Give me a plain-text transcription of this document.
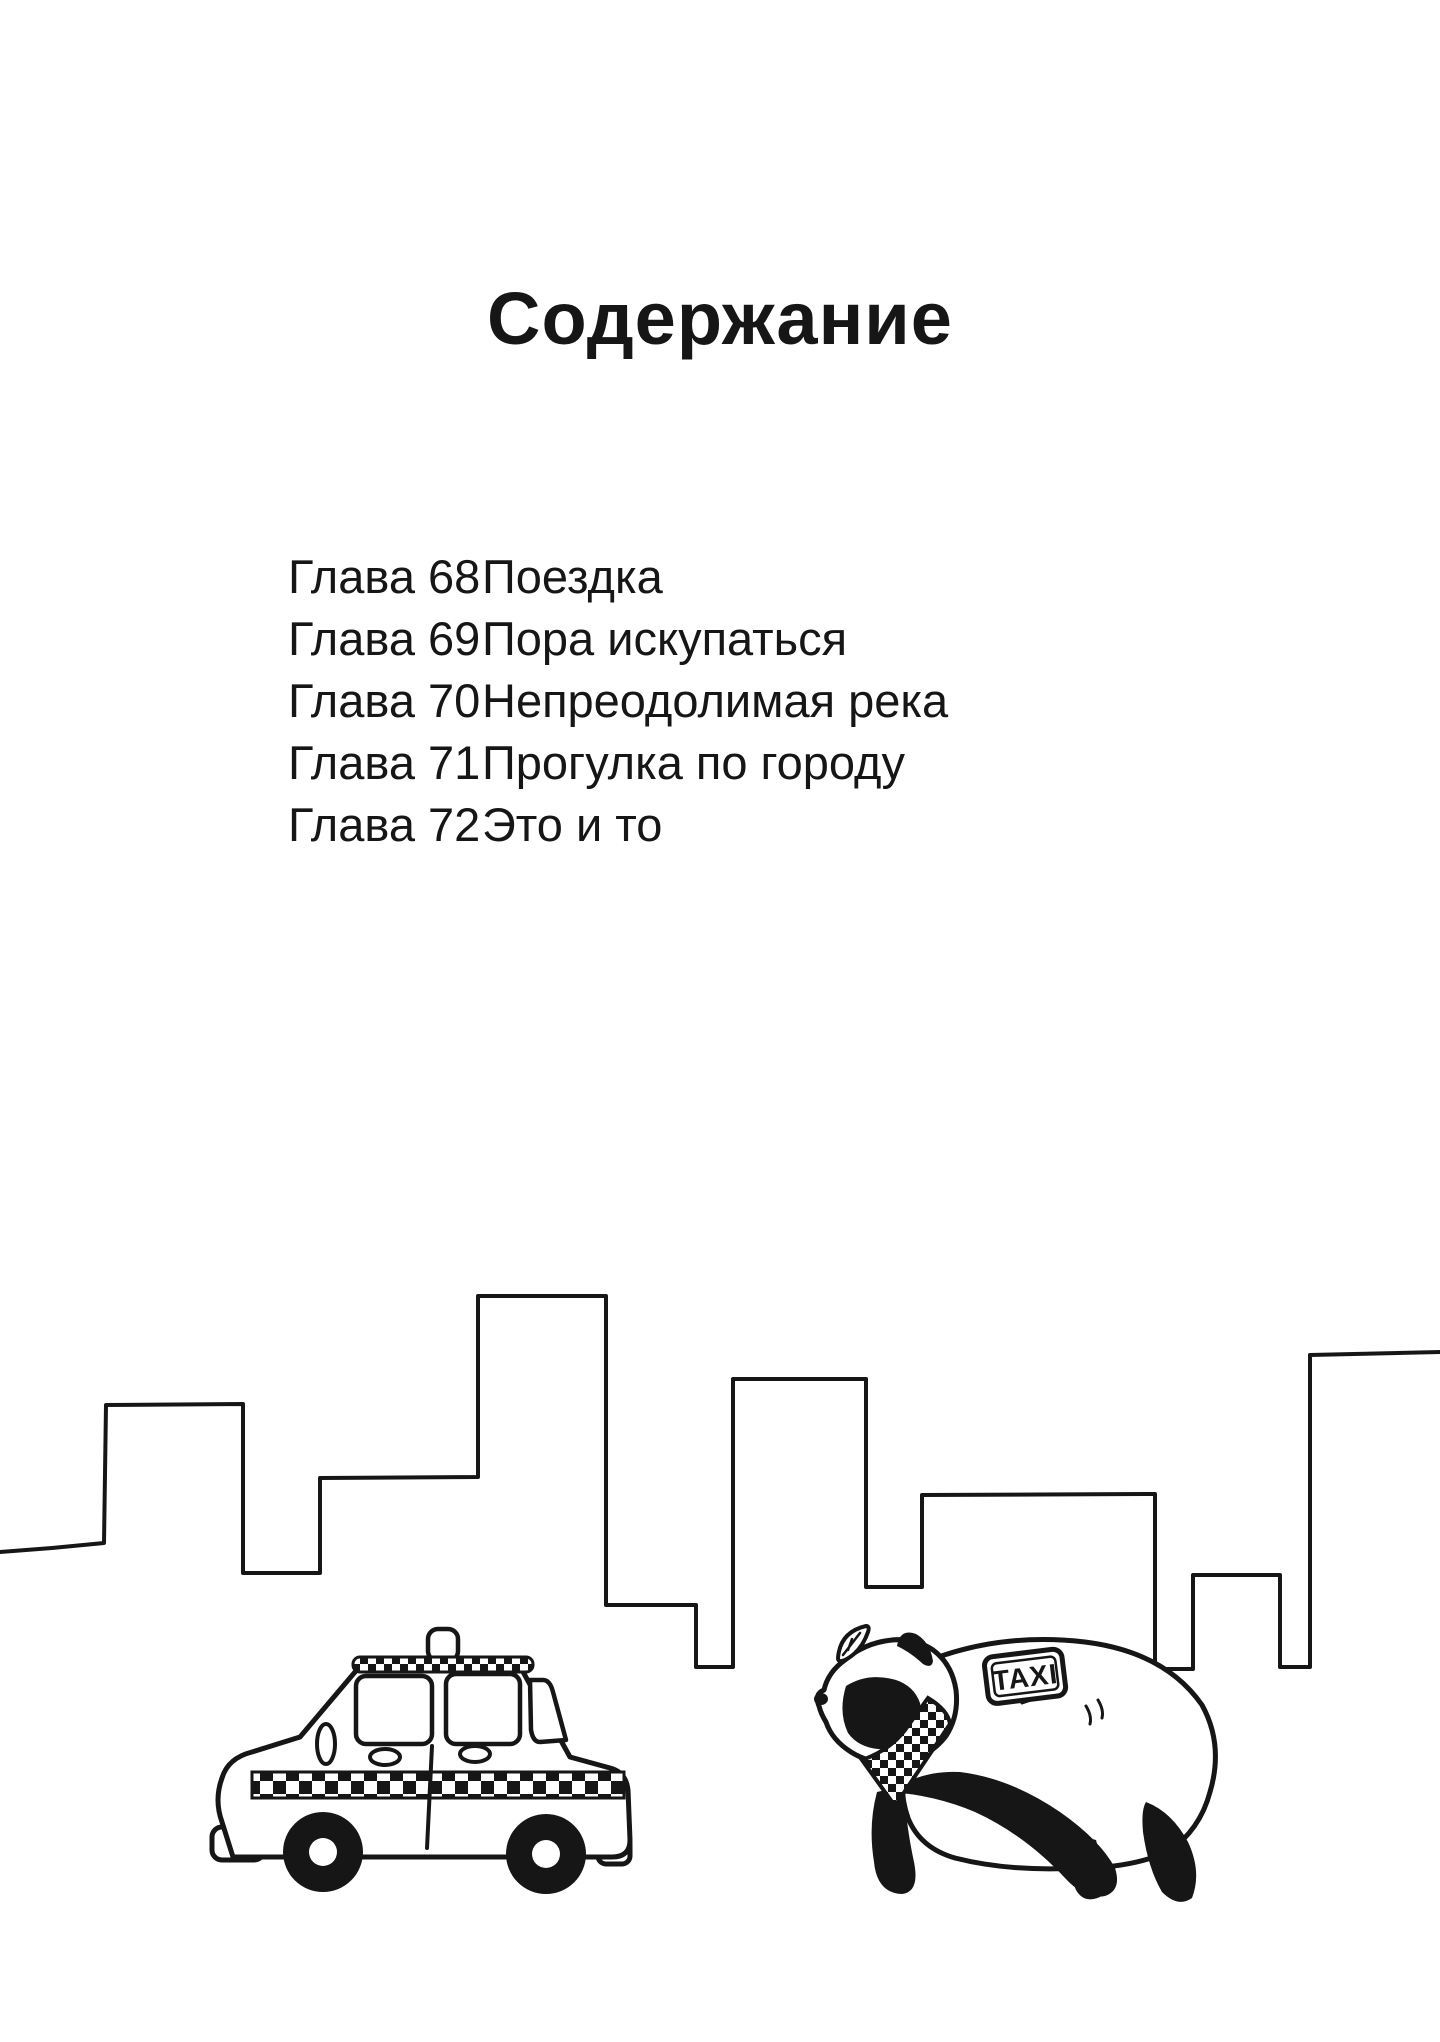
Содержание
Глава 68 Поездка
Глава 69 Пора искупаться
Глава 70 Непреодолимая река
Глава 71 Прогулка по городу
Глава 72 Это и то
TAXI
